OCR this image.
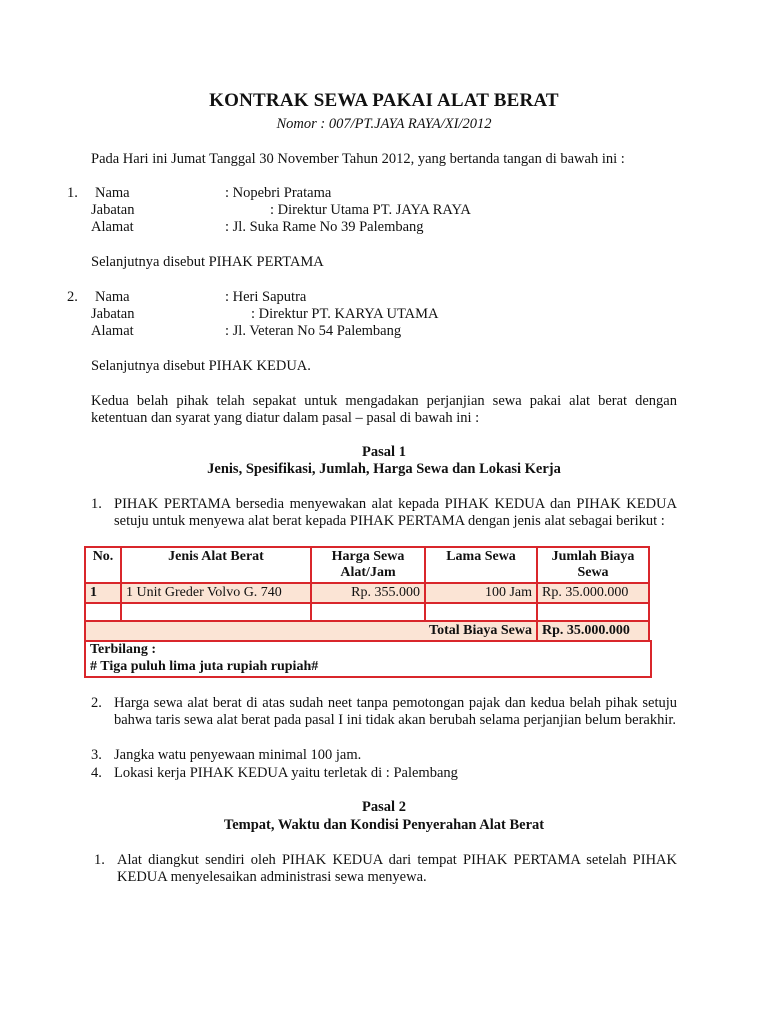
KONTRAK SEWA PAKAI ALAT BERAT
Nomor : 007/PT.JAYA RAYA/XI/2012
Pada Hari ini Jumat Tanggal 30 November Tahun 2012, yang bertanda tangan di bawah ini :
1. Nama	: Nopebri Pratama
Jabatan	: Direktur Utama PT. JAYA RAYA
Alamat	: Jl. Suka Rame No 39 Palembang
Selanjutnya disebut PIHAK PERTAMA
2. Nama	: Heri Saputra
Jabatan	: Direktur PT. KARYA UTAMA
Alamat	: Jl. Veteran No 54 Palembang
Selanjutnya disebut PIHAK KEDUA.
Kedua belah pihak telah sepakat untuk mengadakan perjanjian sewa pakai alat berat dengan ketentuan dan syarat yang diatur dalam pasal – pasal di bawah ini :
Pasal 1
Jenis, Spesifikasi, Jumlah, Harga Sewa dan Lokasi Kerja
1. PIHAK PERTAMA bersedia menyewakan alat kepada PIHAK KEDUA dan PIHAK KEDUA setuju untuk menyewa alat berat kepada PIHAK PERTAMA dengan jenis alat sebagai berikut :
No.	Jenis Alat Berat	Harga Sewa Alat/Jam	Lama Sewa	Jumlah Biaya Sewa
1	1 Unit Greder Volvo G. 740	Rp. 355.000	100 Jam	Rp. 35.000.000

Total Biaya Sewa				Rp. 35.000.000
Terbilang :
# Tiga puluh lima juta rupiah rupiah#
2. Harga sewa alat berat di atas sudah neet tanpa pemotongan pajak dan kedua belah pihak setuju bahwa taris sewa alat berat pada pasal I ini tidak akan berubah selama perjanjian belum berakhir.
3. Jangka watu penyewaan minimal 100 jam.
4. Lokasi kerja PIHAK KEDUA yaitu terletak di : Palembang
Pasal 2
Tempat, Waktu dan Kondisi Penyerahan Alat Berat
1. Alat diangkut sendiri oleh PIHAK KEDUA dari tempat PIHAK PERTAMA setelah PIHAK KEDUA menyelesaikan administrasi sewa menyewa.
